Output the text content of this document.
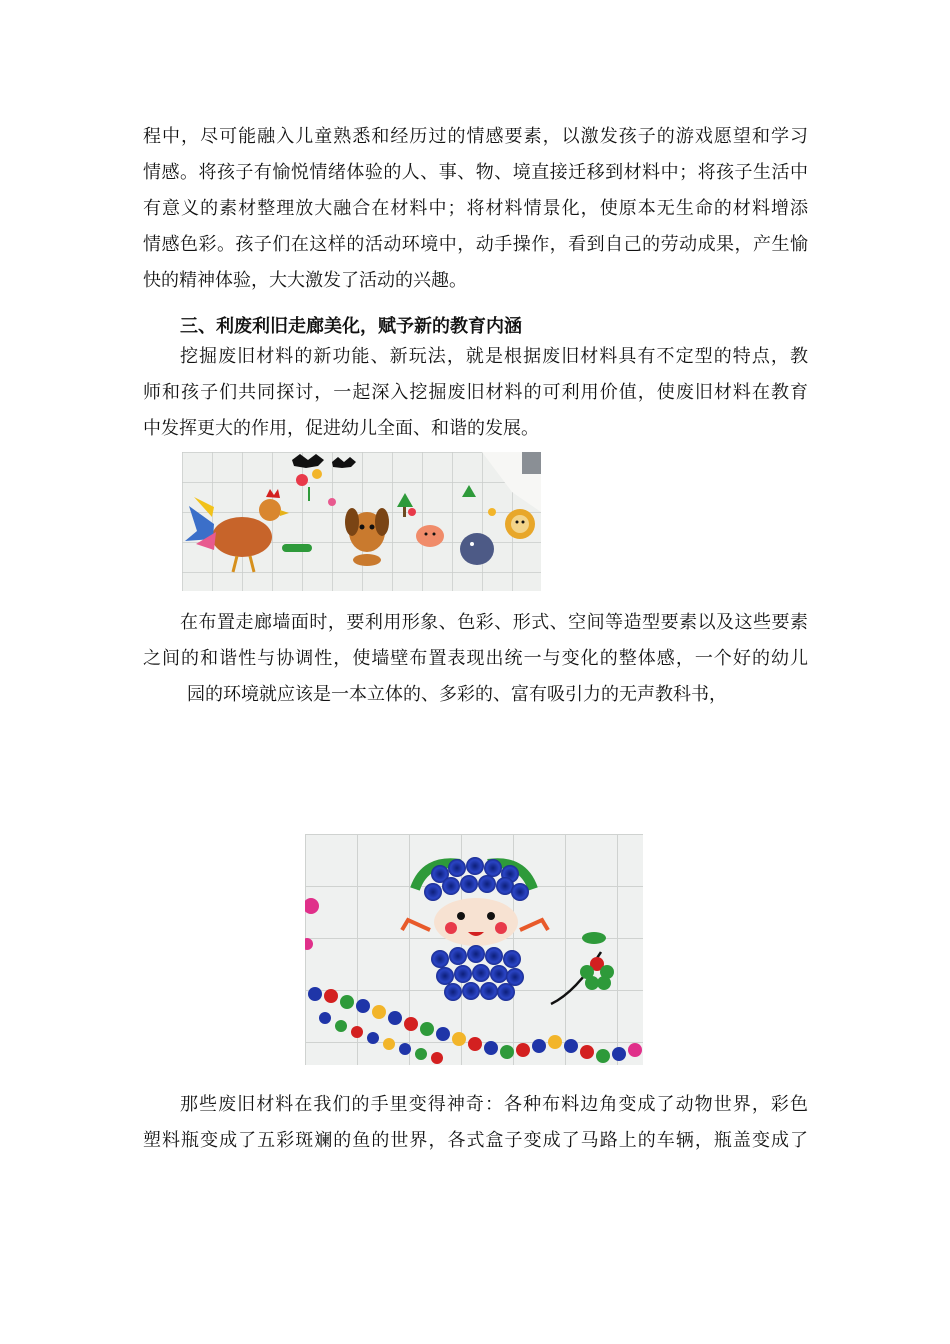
程中，尽可能融入儿童熟悉和经历过的情感要素，以激发孩子的游戏愿望和学习
情感。将孩子有愉悦情绪体验的人、事、物、境直接迁移到材料中；将孩子生活中
有意义的素材整理放大融合在材料中；将材料情景化，使原本无生命的材料增添
情感色彩。孩子们在这样的活动环境中，动手操作，看到自己的劳动成果，产生愉
快的精神体验，大大激发了活动的兴趣。
三、利废利旧走廊美化，赋予新的教育内涵
挖掘废旧材料的新功能、新玩法，就是根据废旧材料具有不定型的特点，教
师和孩子们共同探讨，一起深入挖掘废旧材料的可利用价值，使废旧材料在教育
中发挥更大的作用，促进幼儿全面、和谐的发展。
在布置走廊墙面时，要利用形象、色彩、形式、空间等造型要素以及这些要素
之间的和谐性与协调性，使墙壁布置表现出统一与变化的整体感，一个好的幼儿
园的环境就应该是一本立体的、多彩的、富有吸引力的无声教科书，
那些废旧材料在我们的手里变得神奇：各种布料边角变成了动物世界，彩色
塑料瓶变成了五彩斑斓的鱼的世界，各式盒子变成了马路上的车辆，瓶盖变成了
